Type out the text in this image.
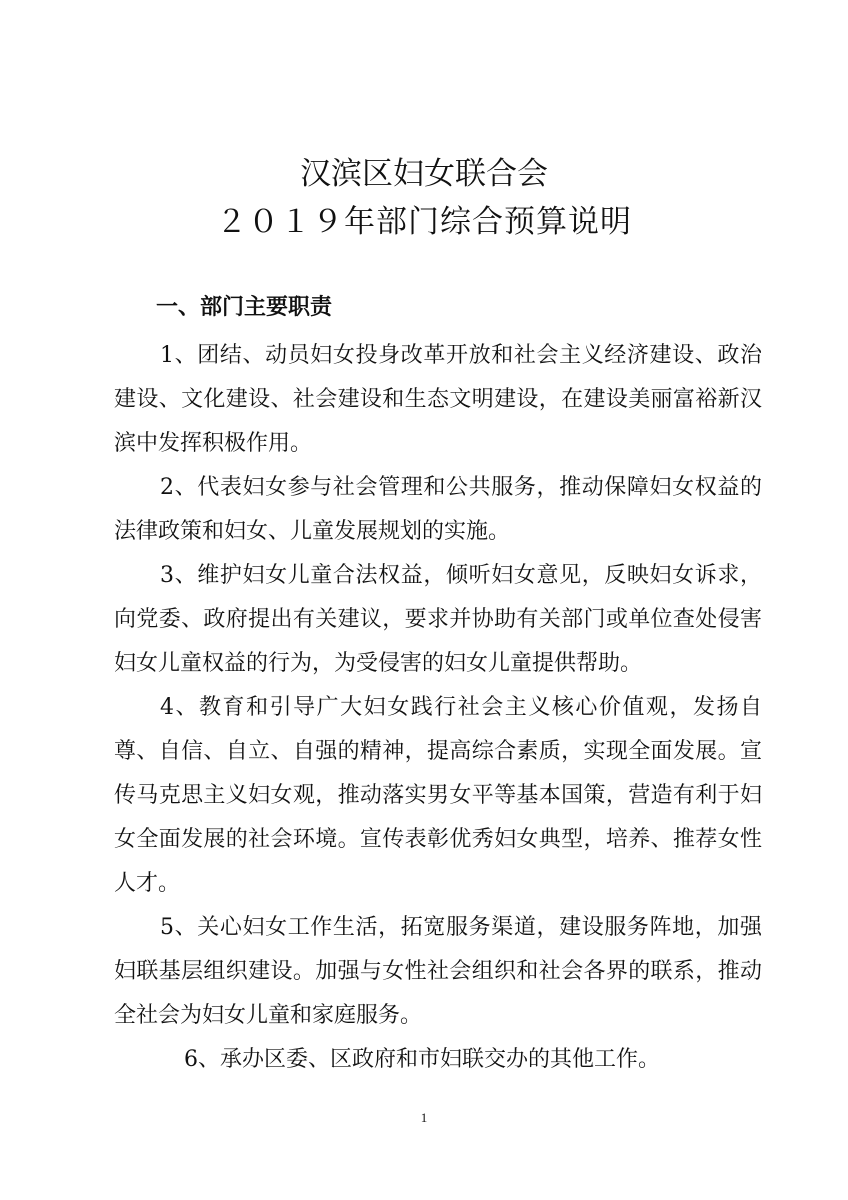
汉滨区妇女联合会

２０１９年部门综合预算说明

一、部门主要职责

1、团结、动员妇女投身改革开放和社会主义经济建设、政治建设、文化建设、社会建设和生态文明建设，在建设美丽富裕新汉滨中发挥积极作用。

2、代表妇女参与社会管理和公共服务，推动保障妇女权益的法律政策和妇女、儿童发展规划的实施。

3、维护妇女儿童合法权益，倾听妇女意见，反映妇女诉求，向党委、政府提出有关建议，要求并协助有关部门或单位查处侵害妇女儿童权益的行为，为受侵害的妇女儿童提供帮助。

4、教育和引导广大妇女践行社会主义核心价值观，发扬自尊、自信、自立、自强的精神，提高综合素质，实现全面发展。宣传马克思主义妇女观，推动落实男女平等基本国策，营造有利于妇女全面发展的社会环境。宣传表彰优秀妇女典型，培养、推荐女性人才。

5、关心妇女工作生活，拓宽服务渠道，建设服务阵地，加强妇联基层组织建设。加强与女性社会组织和社会各界的联系，推动全社会为妇女儿童和家庭服务。

6、承办区委、区政府和市妇联交办的其他工作。

1
